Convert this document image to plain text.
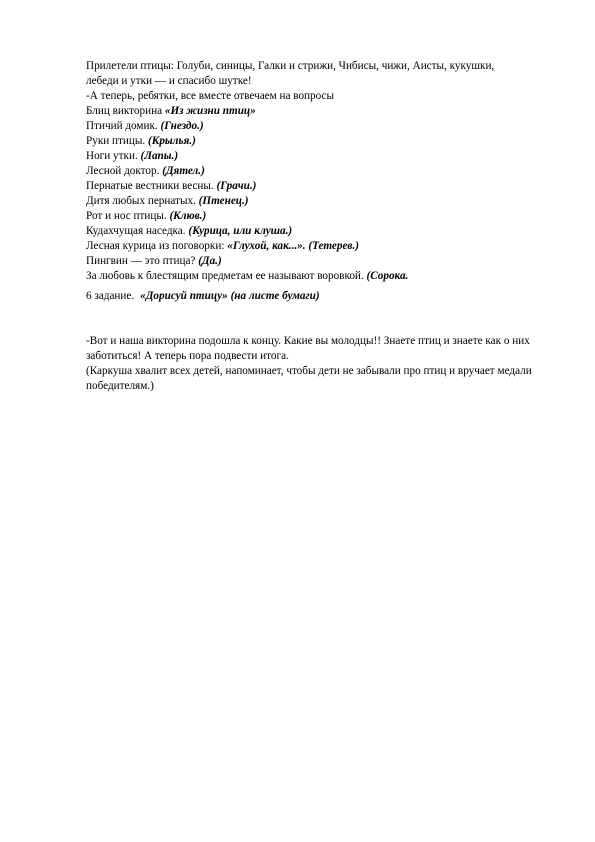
Прилетели птицы: Голуби, синицы, Галки и стрижи, Чибисы, чижи, Аисты, кукушки,
лебеди и утки — и спасибо шутке!
-А теперь, ребятки, все вместе отвечаем на вопросы
Блиц викторина «Из жизни птиц»
Птичий домик. (Гнездо.)
Руки птицы. (Крылья.)
Ноги утки. (Лапы.)
Лесной доктор. (Дятел.)
Пернатые вестники весны. (Грачи.)
Дитя любых пернатых. (Птенец.)
Рот и нос птицы. (Клюв.)
Кудахчущая наседка. (Курица, или клуша.)
Лесная курица из поговорки: «Глухой, как...». (Тетерев.)
Пингвин — это птица? (Да.)
За любовь к блестящим предметам ее называют воровкой. (Сорока.
6 задание. «Дорисуй птицу» (на листе бумаги)
-Вот и наша викторина подошла к концу. Какие вы молодцы!! Знаете птиц и знаете как о них заботиться! А теперь пора подвести итога.
(Каркуша хвалит всех детей, напоминает, чтобы дети не забывали про птиц и вручает медали победителям.)
